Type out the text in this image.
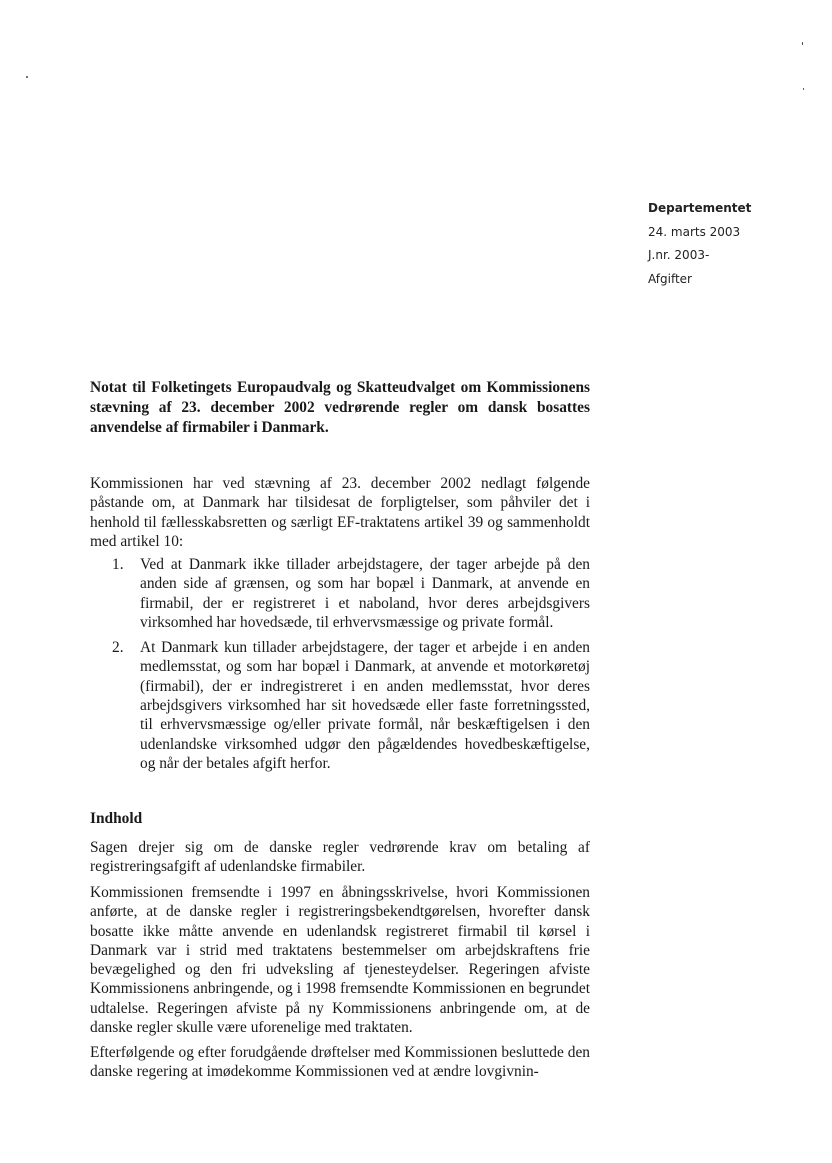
Departementet
24. marts 2003
J.nr. 2003-
Afgifter
Notat til Folketingets Europaudvalg og Skatteudvalget om Kommissionens stævning af 23. december 2002 vedrørende regler om dansk bosattes anvendelse af firmabiler i Danmark.

Kommissionen har ved stævning af 23. december 2002 nedlagt følgende påstande om, at Danmark har tilsidesat de forpligtelser, som påhviler det i henhold til fællesskabsretten og særligt EF-traktatens artikel 39 og sammenholdt med artikel 10:

1. Ved at Danmark ikke tillader arbejdstagere, der tager arbejde på den anden side af grænsen, og som har bopæl i Danmark, at anvende en firmabil, der er registreret i et naboland, hvor deres arbejdsgivers virksomhed har hovedsæde, til erhvervsmæssige og private formål.
2. At Danmark kun tillader arbejdstagere, der tager et arbejde i en anden medlemsstat, og som har bopæl i Danmark, at anvende et motorkøretøj (firmabil), der er indregistreret i en anden medlemsstat, hvor deres arbejdsgivers virksomhed har sit hovedsæde eller faste forretningssted, til erhvervsmæssige og/eller private formål, når beskæftigelsen i den udenlandske virksomhed udgør den pågældendes hovedbeskæftigelse, og når der betales afgift herfor.
Indhold

Sagen drejer sig om de danske regler vedrørende krav om betaling af registreringsafgift af udenlandske firmabiler.

Kommissionen fremsendte i 1997 en åbningsskrivelse, hvori Kommissionen anførte, at de danske regler i registreringsbekendtgørelsen, hvorefter dansk bosatte ikke måtte anvende en udenlandsk registreret firmabil til kørsel i Danmark var i strid med traktatens bestemmelser om arbejdskraftens frie bevægelighed og den fri udveksling af tjenesteydelser. Regeringen afviste Kommissionens anbringende, og i 1998 fremsendte Kommissionen en begrundet udtalelse. Regeringen afviste på ny Kommissionens anbringende om, at de danske regler skulle være uforenelige med traktaten.

Efterfølgende og efter forudgående drøftelser med Kommissionen besluttede den danske regering at imødekomme Kommissionen ved at ændre lovgivnin-
